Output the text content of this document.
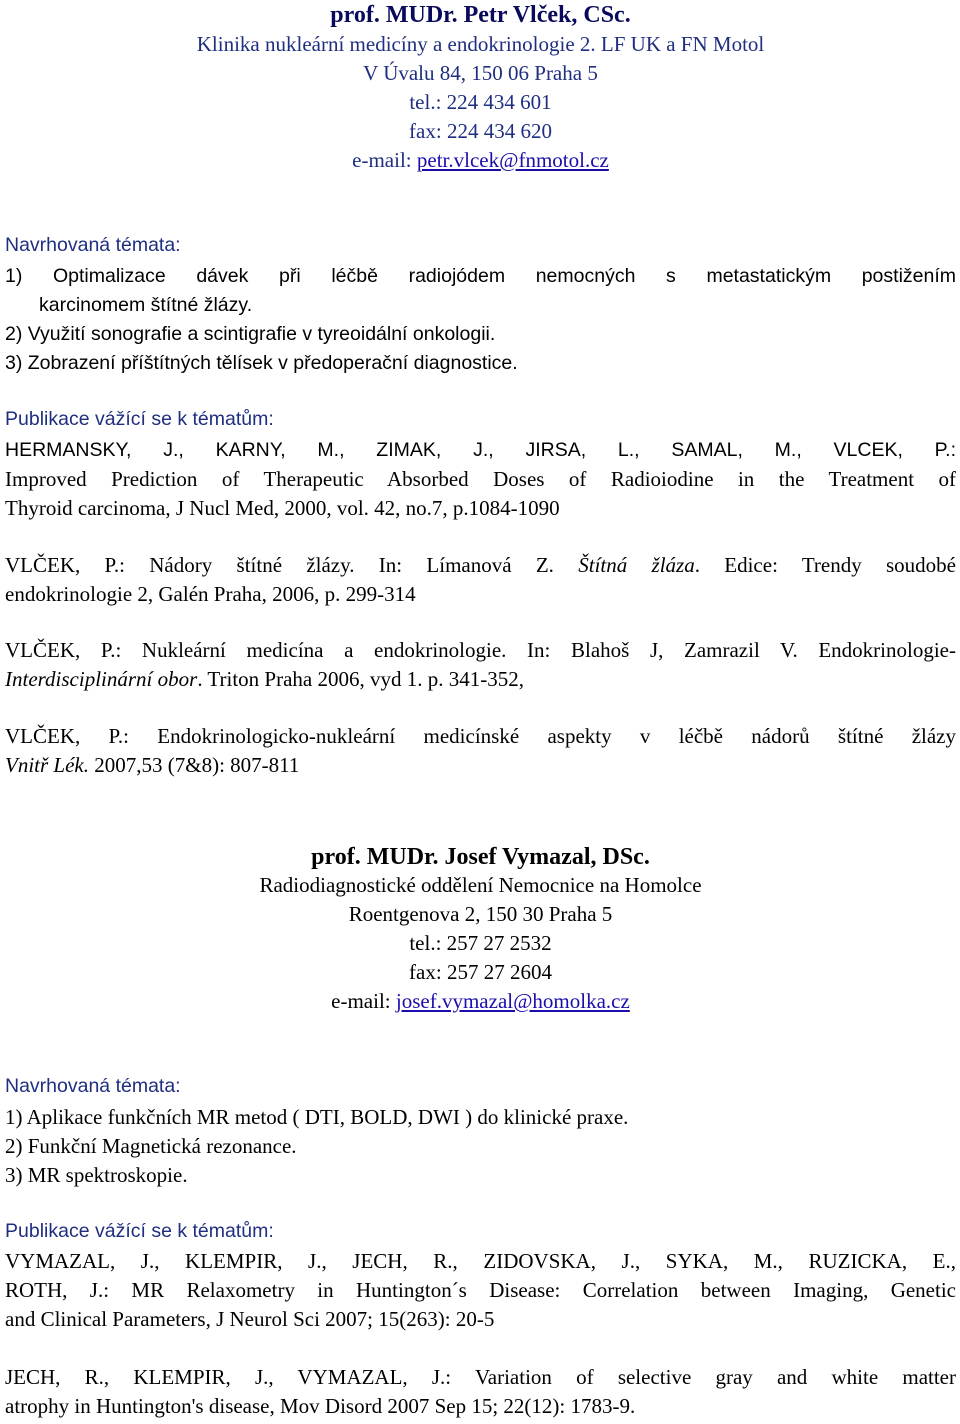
prof. MUDr. Petr Vlček, CSc.
Klinika nukleární medicíny a endokrinologie 2. LF UK a FN Motol
V Úvalu 84, 150 06 Praha 5
tel.: 224 434 601
fax: 224 434 620
e-mail: petr.vlcek@fnmotol.cz
Navrhovaná témata:
1) Optimalizace dávek při léčbě radiojódem nemocných s metastatickým postižením
karcinomem štítné žlázy.
2) Využití sonografie a scintigrafie v tyreoidální onkologii.
3) Zobrazení příštítných tělísek v předoperační diagnostice.
Publikace vážící se k tématům:
HERMANSKY, J., KARNY, M., ZIMAK, J., JIRSA, L., SAMAL, M., VLCEK, P.:
Improved Prediction of Therapeutic Absorbed Doses of Radioiodine in the Treatment of
Thyroid carcinoma, J Nucl Med, 2000, vol. 42, no.7, p.1084-1090
VLČEK, P.: Nádory štítné žlázy. In: Límanová Z. Štítná žláza. Edice: Trendy soudobé
endokrinologie 2, Galén Praha, 2006, p. 299-314
VLČEK, P.: Nukleární medicína a endokrinologie. In: Blahoš J, Zamrazil V. Endokrinologie-
Interdisciplinární obor. Triton Praha 2006, vyd 1. p. 341-352,
VLČEK, P.: Endokrinologicko-nukleární medicínské aspekty v léčbě nádorů štítné žlázy
Vnitř Lék. 2007,53 (7&8): 807-811
prof. MUDr. Josef Vymazal, DSc.
Radiodiagnostické oddělení Nemocnice na Homolce
Roentgenova 2, 150 30 Praha 5
tel.: 257 27 2532
fax: 257 27 2604
e-mail: josef.vymazal@homolka.cz
Navrhovaná témata:
1) Aplikace funkčních MR metod ( DTI, BOLD, DWI ) do klinické praxe.
2) Funkční Magnetická rezonance.
3) MR spektroskopie.
Publikace vážící se k tématům:
VYMAZAL, J., KLEMPIR, J., JECH, R., ZIDOVSKA, J., SYKA, M., RUZICKA, E.,
ROTH, J.: MR Relaxometry in Huntington´s Disease: Correlation between Imaging, Genetic
and Clinical Parameters, J Neurol Sci 2007; 15(263): 20-5
JECH, R., KLEMPIR, J., VYMAZAL, J.: Variation of selective gray and white matter
atrophy in Huntington's disease, Mov Disord 2007 Sep 15; 22(12): 1783-9.
